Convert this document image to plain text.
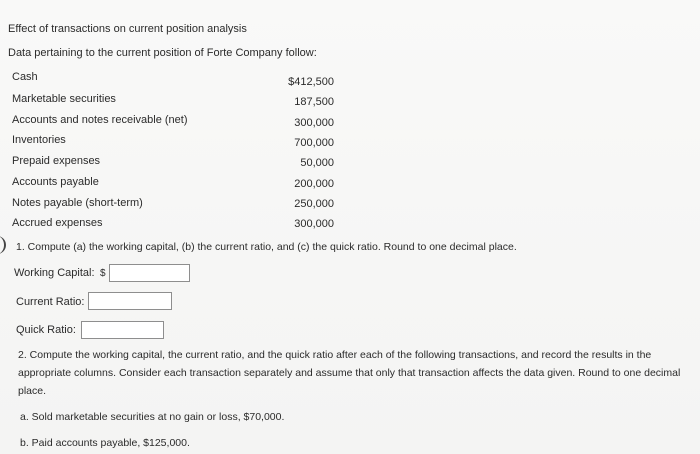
Effect of transactions on current position analysis
Data pertaining to the current position of Forte Company follow:
Cash	$412,500
Marketable securities	187,500
Accounts and notes receivable (net)	300,000
Inventories	700,000
Prepaid expenses	50,000
Accounts payable	200,000
Notes payable (short-term)	250,000
Accrued expenses	300,000
1. Compute (a) the working capital, (b) the current ratio, and (c) the quick ratio. Round to one decimal place.
Working Capital: $
Current Ratio:
Quick Ratio:
2. Compute the working capital, the current ratio, and the quick ratio after each of the following transactions, and record the results in the appropriate columns. Consider each transaction separately and assume that only that transaction affects the data given. Round to one decimal place.
a. Sold marketable securities at no gain or loss, $70,000.
b. Paid accounts payable, $125,000.
